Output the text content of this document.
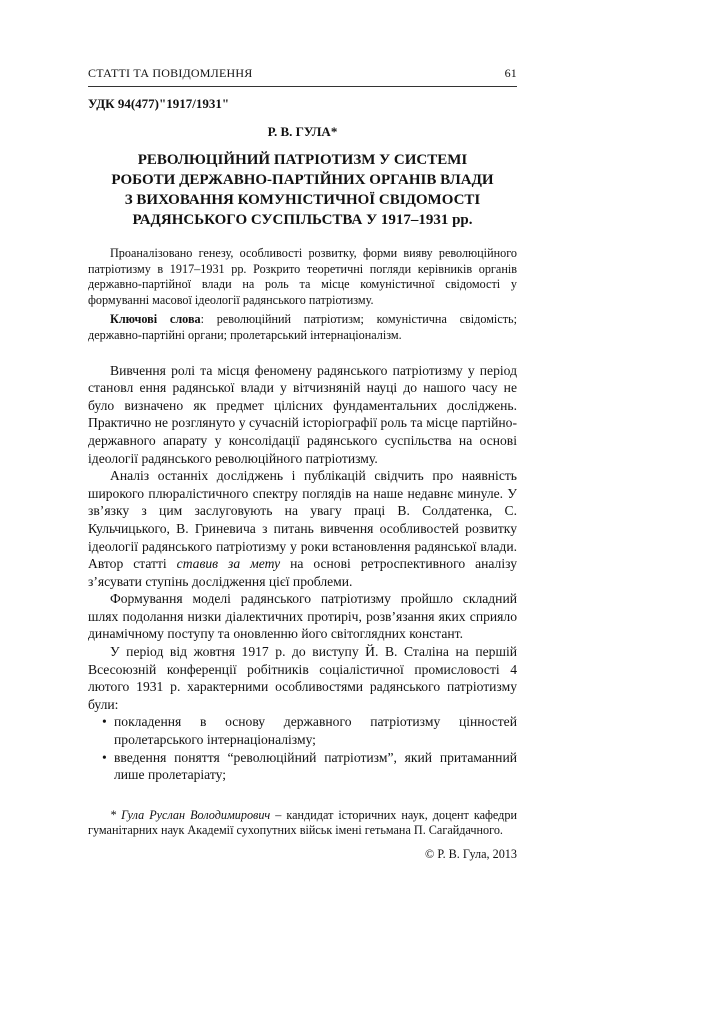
СТАТТІ ТА ПОВІДОМЛЕННЯ	61

УДК 94(477)"1917/1931"

Р. В. ГУЛА*

РЕВОЛЮЦІЙНИЙ ПАТРІОТИЗМ У СИСТЕМІ
РОБОТИ ДЕРЖАВНО-ПАРТІЙНИХ ОРГАНІВ ВЛАДИ
З ВИХОВАННЯ КОМУНІСТИЧНОЇ СВІДОМОСТІ
РАДЯНСЬКОГО СУСПІЛЬСТВА У 1917–1931 рр.

Проаналізовано генезу, особливості розвитку, форми вияву революційного патріотизму в 1917–1931 рр. Розкрито теоретичні погляди керівників органів державно-партійної влади на роль та місце комуністичної свідомості у формуванні масової ідеології радянського патріотизму.

Ключові слова: революційний патріотизм; комуністична свідомість; державно-партійні органи; пролетарський інтернаціоналізм.

Вивчення ролі та місця феномену радянського патріотизму у період становл ення радянської влади у вітчизняній науці до нашого часу не було визначено як предмет цілісних фундаментальних досліджень. Практично не розглянуто у сучасній історіографії роль та місце партійно-державного апарату у консолідації радянського суспільства на основі ідеології радянського революційного патріотизму.

Аналіз останніх досліджень і публікацій свідчить про наявність широкого плюралістичного спектру поглядів на наше недавнє минуле. У зв’язку з цим заслуговують на увагу праці В. Солдатенка, С. Кульчицького, В. Гриневича з питань вивчення особливостей розвитку ідеології радянського патріотизму у роки встановлення радянської влади. Автор статті ставив за мету на основі ретроспективного аналізу з’ясувати ступінь дослідження цієї проблеми.

Формування моделі радянського патріотизму пройшло складний шлях подолання низки діалектичних протиріч, розв’язання яких сприяло динамічному поступу та оновленню його світоглядних констант.

У період від жовтня 1917 р. до виступу Й. В. Сталіна на першій Всесоюзній конференції робітників соціалістичної промисловості 4 лютого 1931 р. характерними особливостями радянського патріотизму були:

• покладення в основу державного патріотизму цінностей пролетарського інтернаціоналізму;
• введення поняття “революційний патріотизм”, який притаманний лише пролетаріату;

* Гула Руслан Володимирович – кандидат історичних наук, доцент кафедри гуманітарних наук Академії сухопутних військ імені гетьмана П. Сагайдачного.

© Р. В. Гула, 2013
